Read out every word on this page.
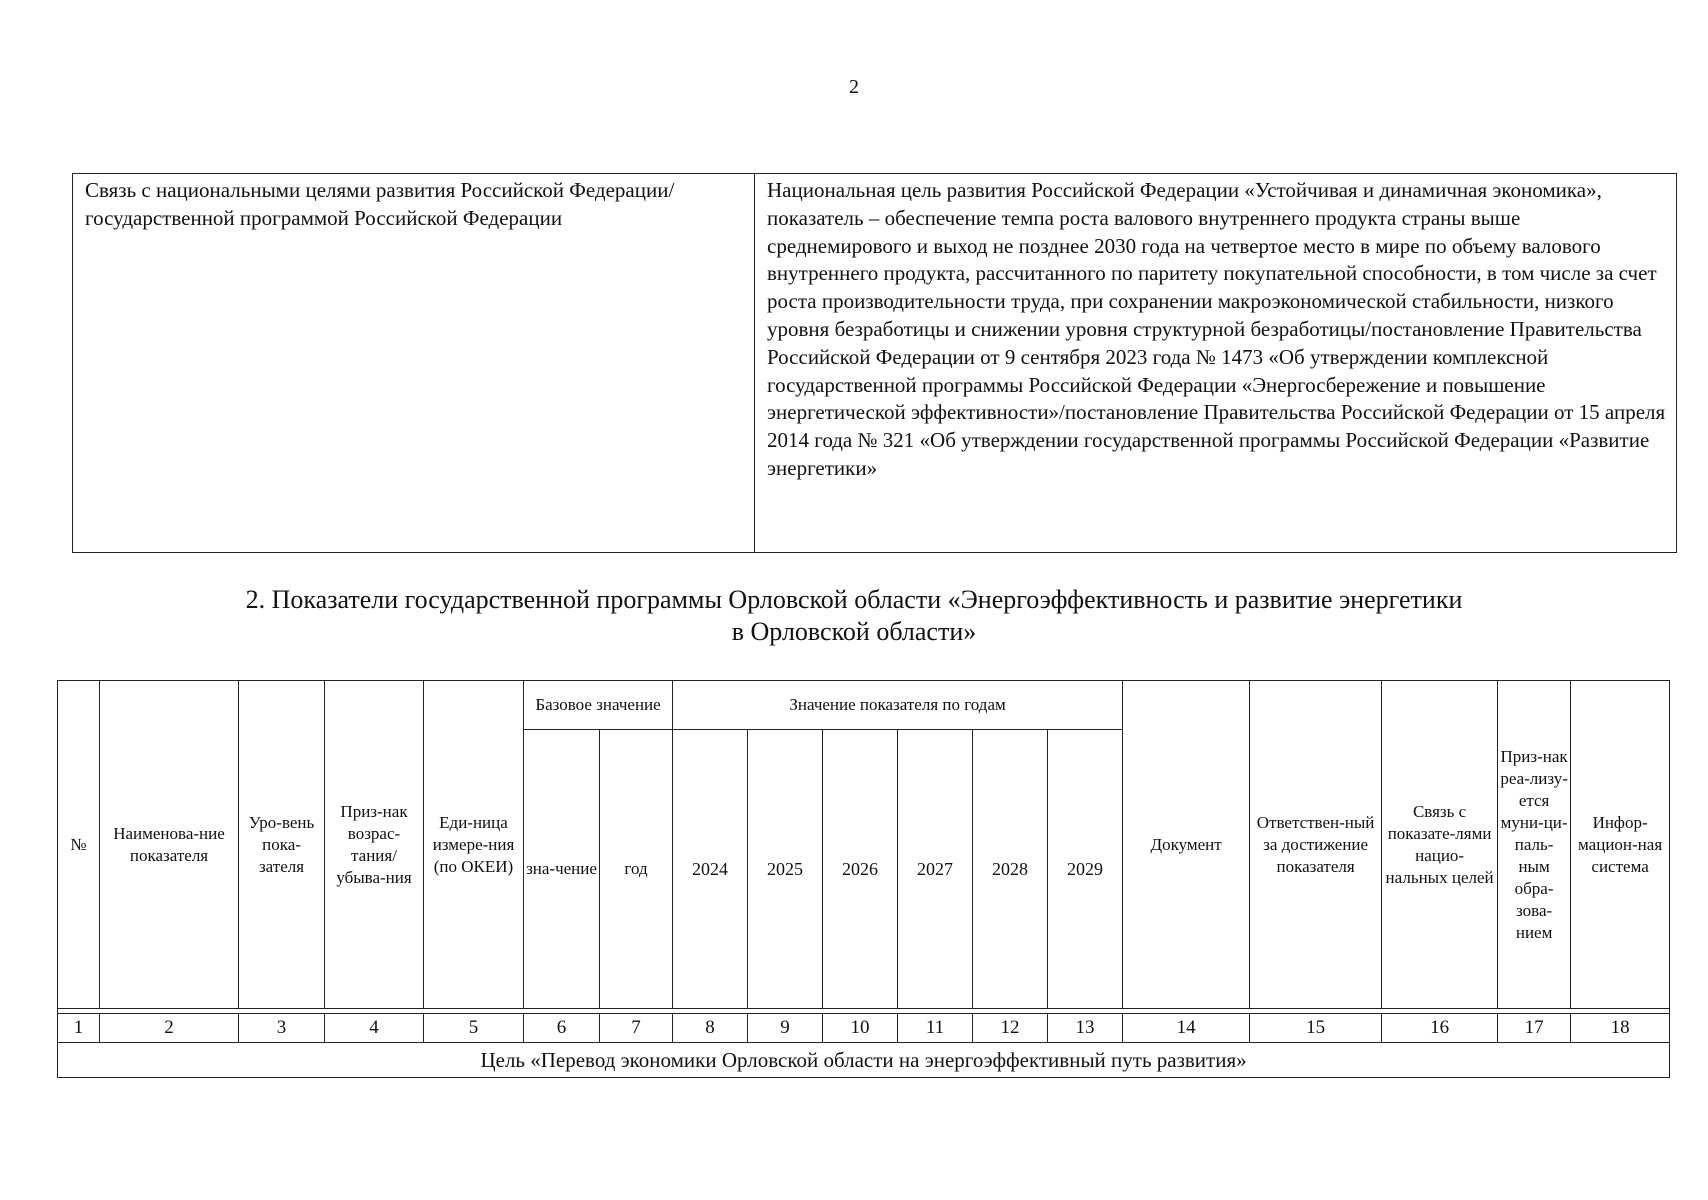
2
Связь с национальными целями развития Российской Федерации/ государственной программой Российской Федерации	Национальная цель развития Российской Федерации «Устойчивая и динамичная экономика», показатель – обеспечение темпа роста валового внутреннего продукта страны выше среднемирового и выход не позднее 2030 года на четвертое место в мире по объему валового внутреннего продукта, рассчитанного по паритету покупательной способности, в том числе за счет роста производительности труда, при сохранении макроэкономической стабильности, низкого уровня безработицы и снижении уровня структурной безработицы/постановление Правительства Российской Федерации от 9 сентября 2023 года № 1473 «Об утверждении комплексной государственной программы Российской Федерации «Энергосбережение и повышение энергетической эффективности»/постановление Правительства Российской Федерации от 15 апреля 2014 года № 321 «Об утверждении государственной программы Российской Федерации «Развитие энергетики»
2. Показатели государственной программы Орловской области «Энергоэффективность и развитие энергетики
в Орловской области»
№	Наименова-ние показателя	Уро-вень пока-зателя	Приз-нак возрас-тания/ убыва-ния	Еди-ница измере-ния (по ОКЕИ)	Базовое значение		Значение показателя по годам						Документ	Ответствен-ный за достижение показателя	Связь с показате-лями нацио-нальных целей	Приз-нак реа-лизу-ется муни-ци-паль-ным обра-зова-нием	Инфор-мацион-ная система
					зна-чение	год	2024	2025	2026	2027	2028	2029					

1	2	3	4	5	6	7	8	9	10	11	12	13	14	15	16	17	18
Цель «Перевод экономики Орловской области на энергоэффективный путь развития»																	
